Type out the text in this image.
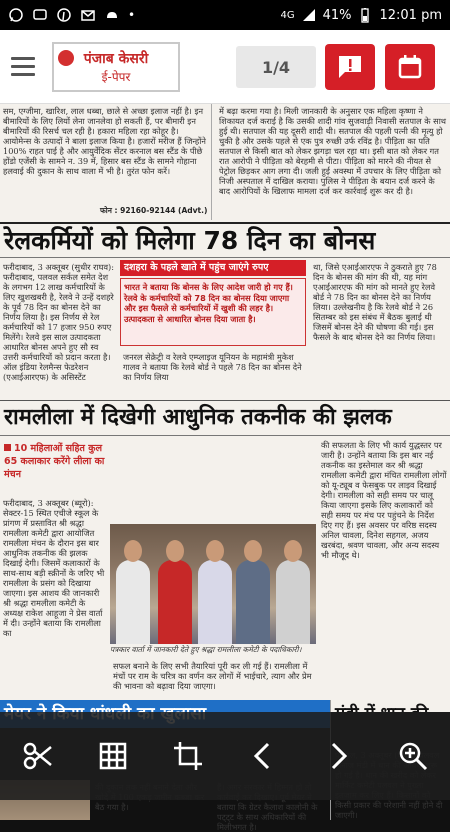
•	4G 41% 12:01 pm
पंजाब केसरी
ई-पेपर	1/4
सम, एग्जीमा, खारिश, लाल धब्बा, छाले से अच्छा इलाज नहीं है। इन बीमारियों के लिए लियों लेना जानलेवा हो सकती हैं, पर बीमारी इन बीमारियों की रिसर्च चल रही है। हकारा महिला रहा कोहूर है। आयोमेन्स के उत्पादों ने बाला इलाज किया है। हजारों मरीज हैं जिन्होंने 100% राहत पाई है और आयुर्वेदिक सेंटर करनाल बस स्टैंड के पीछे होंडो एजेंसी के सामने न. 39 में, हिसार बस स्टैंड के सामने गोहाना हलवाई की दुकान के साथ वाला में भी है। तुरंत फोन करें।
फोन : 92160-92144 (Advt.)
में बढ़ा करमा गया है। मिली जानकारी के अनुसार एक महिला कृष्णा ने शिकायत दर्ज कराई है कि उसकी शादी गांव सुजवाड़ी निवासी सतपाल के साथ हुई थी। सतपाल की यह दूसरी शादी थी। सतपाल की पहली पत्नी की मृत्यु हो चुकी है और उसके पहले से एक पुत्र रुच्छी उर्फ रविंद्र है। पीड़िता का पति सतपाल से किसी बात को लेकर झगड़ा चल रहा था। इसी बात को लेकर गत रात आरोपी ने पीड़िता को बेरहमी से पीटा। पीड़िता को मारने की नीयत से पेट्रोल छिड़कर आग लगा दी। जली हुई अवस्था में उपचार के लिए पीड़िता को निजी अस्पताल में दाखिल कराया। पुलिस ने पीड़िता के बयान दर्ज करने के बाद आरोपियों के खिलाफ मामला दर्ज कर कार्रवाई शुरू कर दी है।
रेलकर्मियों को मिलेगा 78 दिन का बोनस
फरीदाबाद, 3 अक्तूबर (सुधीर राघव): फरीदाबाद, पलवल सर्कल समेत देश के लगभग 12 लाख कर्मचारियों के लिए खुशखबरी है, रेलवे ने उन्हें दशहरे के पूर्व 78 दिन का बोनस देने का निर्णय लिया है। इस निर्णय से रेल कर्मचारियों को 17 हजार 950 रुपए मिलेंगे। रेलवे इस साल उत्पादकता आधारित बोनस अपने हुए सौ स्व उत्तरी कर्मचारियों को प्रदान करता है। ऑल इंडिया रेलमैन्स फेडरेशन (एआईआरएफ) के असिस्टेंट
दशहरा के पहले खाते में पहुंच जाएंगे रुपए
भारत ने बताया कि बोनस के लिए आदेश जारी हो गए हैं। रेलवे के कर्मचारियों को 78 दिन का बोनस दिया जाएगा और इस फैसले से कर्मचारियों में खुशी की लहर है। उत्पादकता से आधारित बोनस दिया जाता है।
जनरल सेक्रेट्री व रेलवे एम्प्लाइज यूनियन के महामंत्री मुकेश गालव ने बताया कि रेलवे बोर्ड ने पहले 78 दिन का बोनस देने का निर्णय लिया
था, जिसे एआईआरएफ ने ठुकराते हुए 78 दिन के बोनस की मांग की थी, यह मांग एआईआरएफ की मांग को मानते हुए रेलवे बोर्ड ने 78 दिन का बोनस देने का निर्णय लिया। उल्लेखनीय है कि रेलवे बोर्ड ने 26 सितम्बर को इस संबंध में बैठक बुलाई थी जिसमें बोनस देने की घोषणा की गई। इस फैसले के बाद बोनस देने का निर्णय लिया।
रामलीला में दिखेगी आधुनिक तकनीक की झलक
10 महिलाओं सहित कुल 65 कलाकार करेंगे लीला का मंचन
फरीदाबाद, 3 अक्तूबर (ब्यूरो): सेक्टर-15 स्थित एचीजे स्कूल के प्रांगण में प्रस्तावित श्री श्रद्धा रामलीला कमेटी द्वारा आयोजित रामलीला मंचन के दौरान इस बार आधुनिक तकनीक की झलक दिखाई देगी। जिसमें कलाकारों के साथ-साथ बड़ी स्क्रीनों के जरिए भी रामलीला के प्रसंग को दिखाया जाएगा। इस आशय की जानकारी श्री श्रद्धा रामलीला कमेटी के अध्यक्ष राकेश आहूजा ने प्रेस वार्ता में दी। उन्होंने बताया कि रामलीला का
पत्रकार वार्ता में जानकारी देते हुए श्रद्धा रामलीला कमेटी के पदाधिकारी।
सफल बनाने के लिए सभी तैयारियां पूरी कर ली गई हैं। रामलीला में मंचों पर राम के चरित्र का वर्णन कर लोगों में भाईचारे, त्याग और प्रेम की भावना को बढ़ावा दिया जाएगा।
की सफलता के लिए भी कार्य युद्धस्तर पर जारी है। उन्होंने बताया कि इस बार नई तकनीक का इस्तेमाल कर श्री श्रद्धा रामलीला कमेटी द्वारा मंचित रामलीला लोगों को यू-ट्यूब व फेसबुक पर लाइव दिखाई देगी। रामलीला को सही समय पर चालू किया जाएगा इसके लिए कलाकारों को सही समय पर मंच पर पहुंचने के निर्देश दिए गए हैं। इस अवसर पर वरिष्ठ सदस्य अनिल चावला, दिनेश सहगल, अजय खरबंदा, श्रवण चावला, और अन्य सदस्य भी मौजूद थे।
बैठ गया है।	बताया कि ग्रेटर कैलाश कालोनी के पट्ट्ट के साथ अधिकारियों की मिलीभगत है।
किसी प्रकार की परेशानी नहीं होने दी जाएगी।
